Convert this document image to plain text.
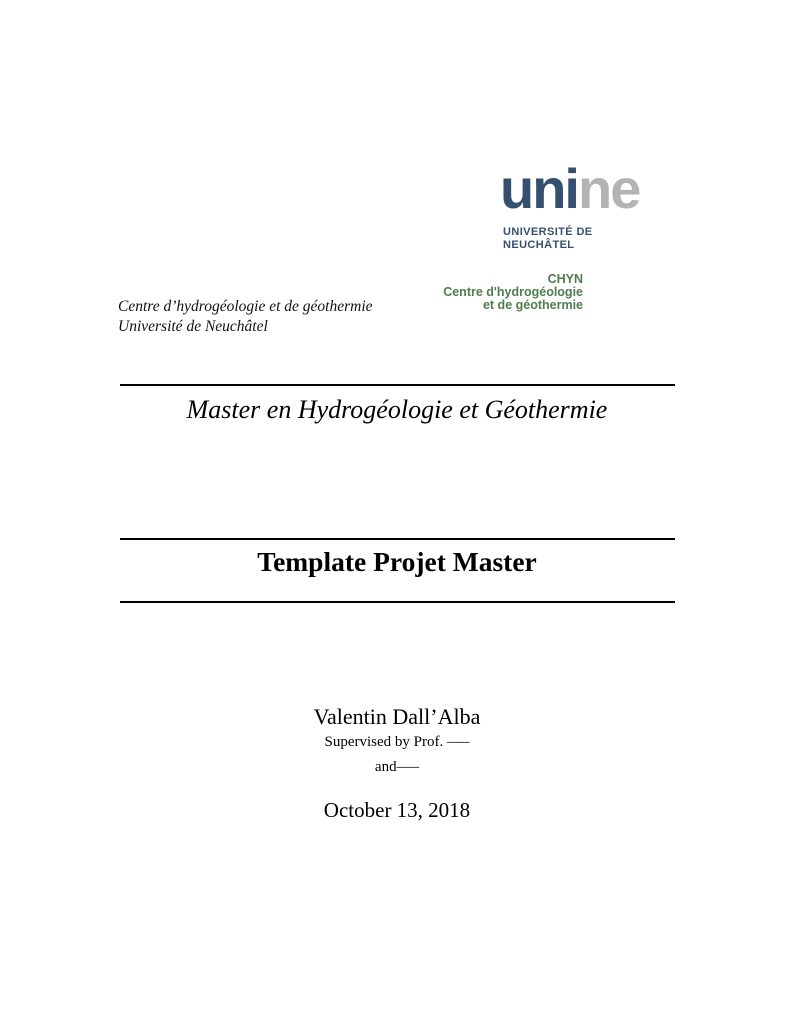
unine
UNIVERSITÉ DE
NEUCHÂTEL
CHYN
Centre d'hydrogéologie
et de géothermie
Centre d’hydrogéologie et de géothermie
Université de Neuchâtel
Master en Hydrogéologie et Géothermie
Template Projet Master
Valentin Dall’Alba
Supervised by Prof. —–
and—–
October 13, 2018
